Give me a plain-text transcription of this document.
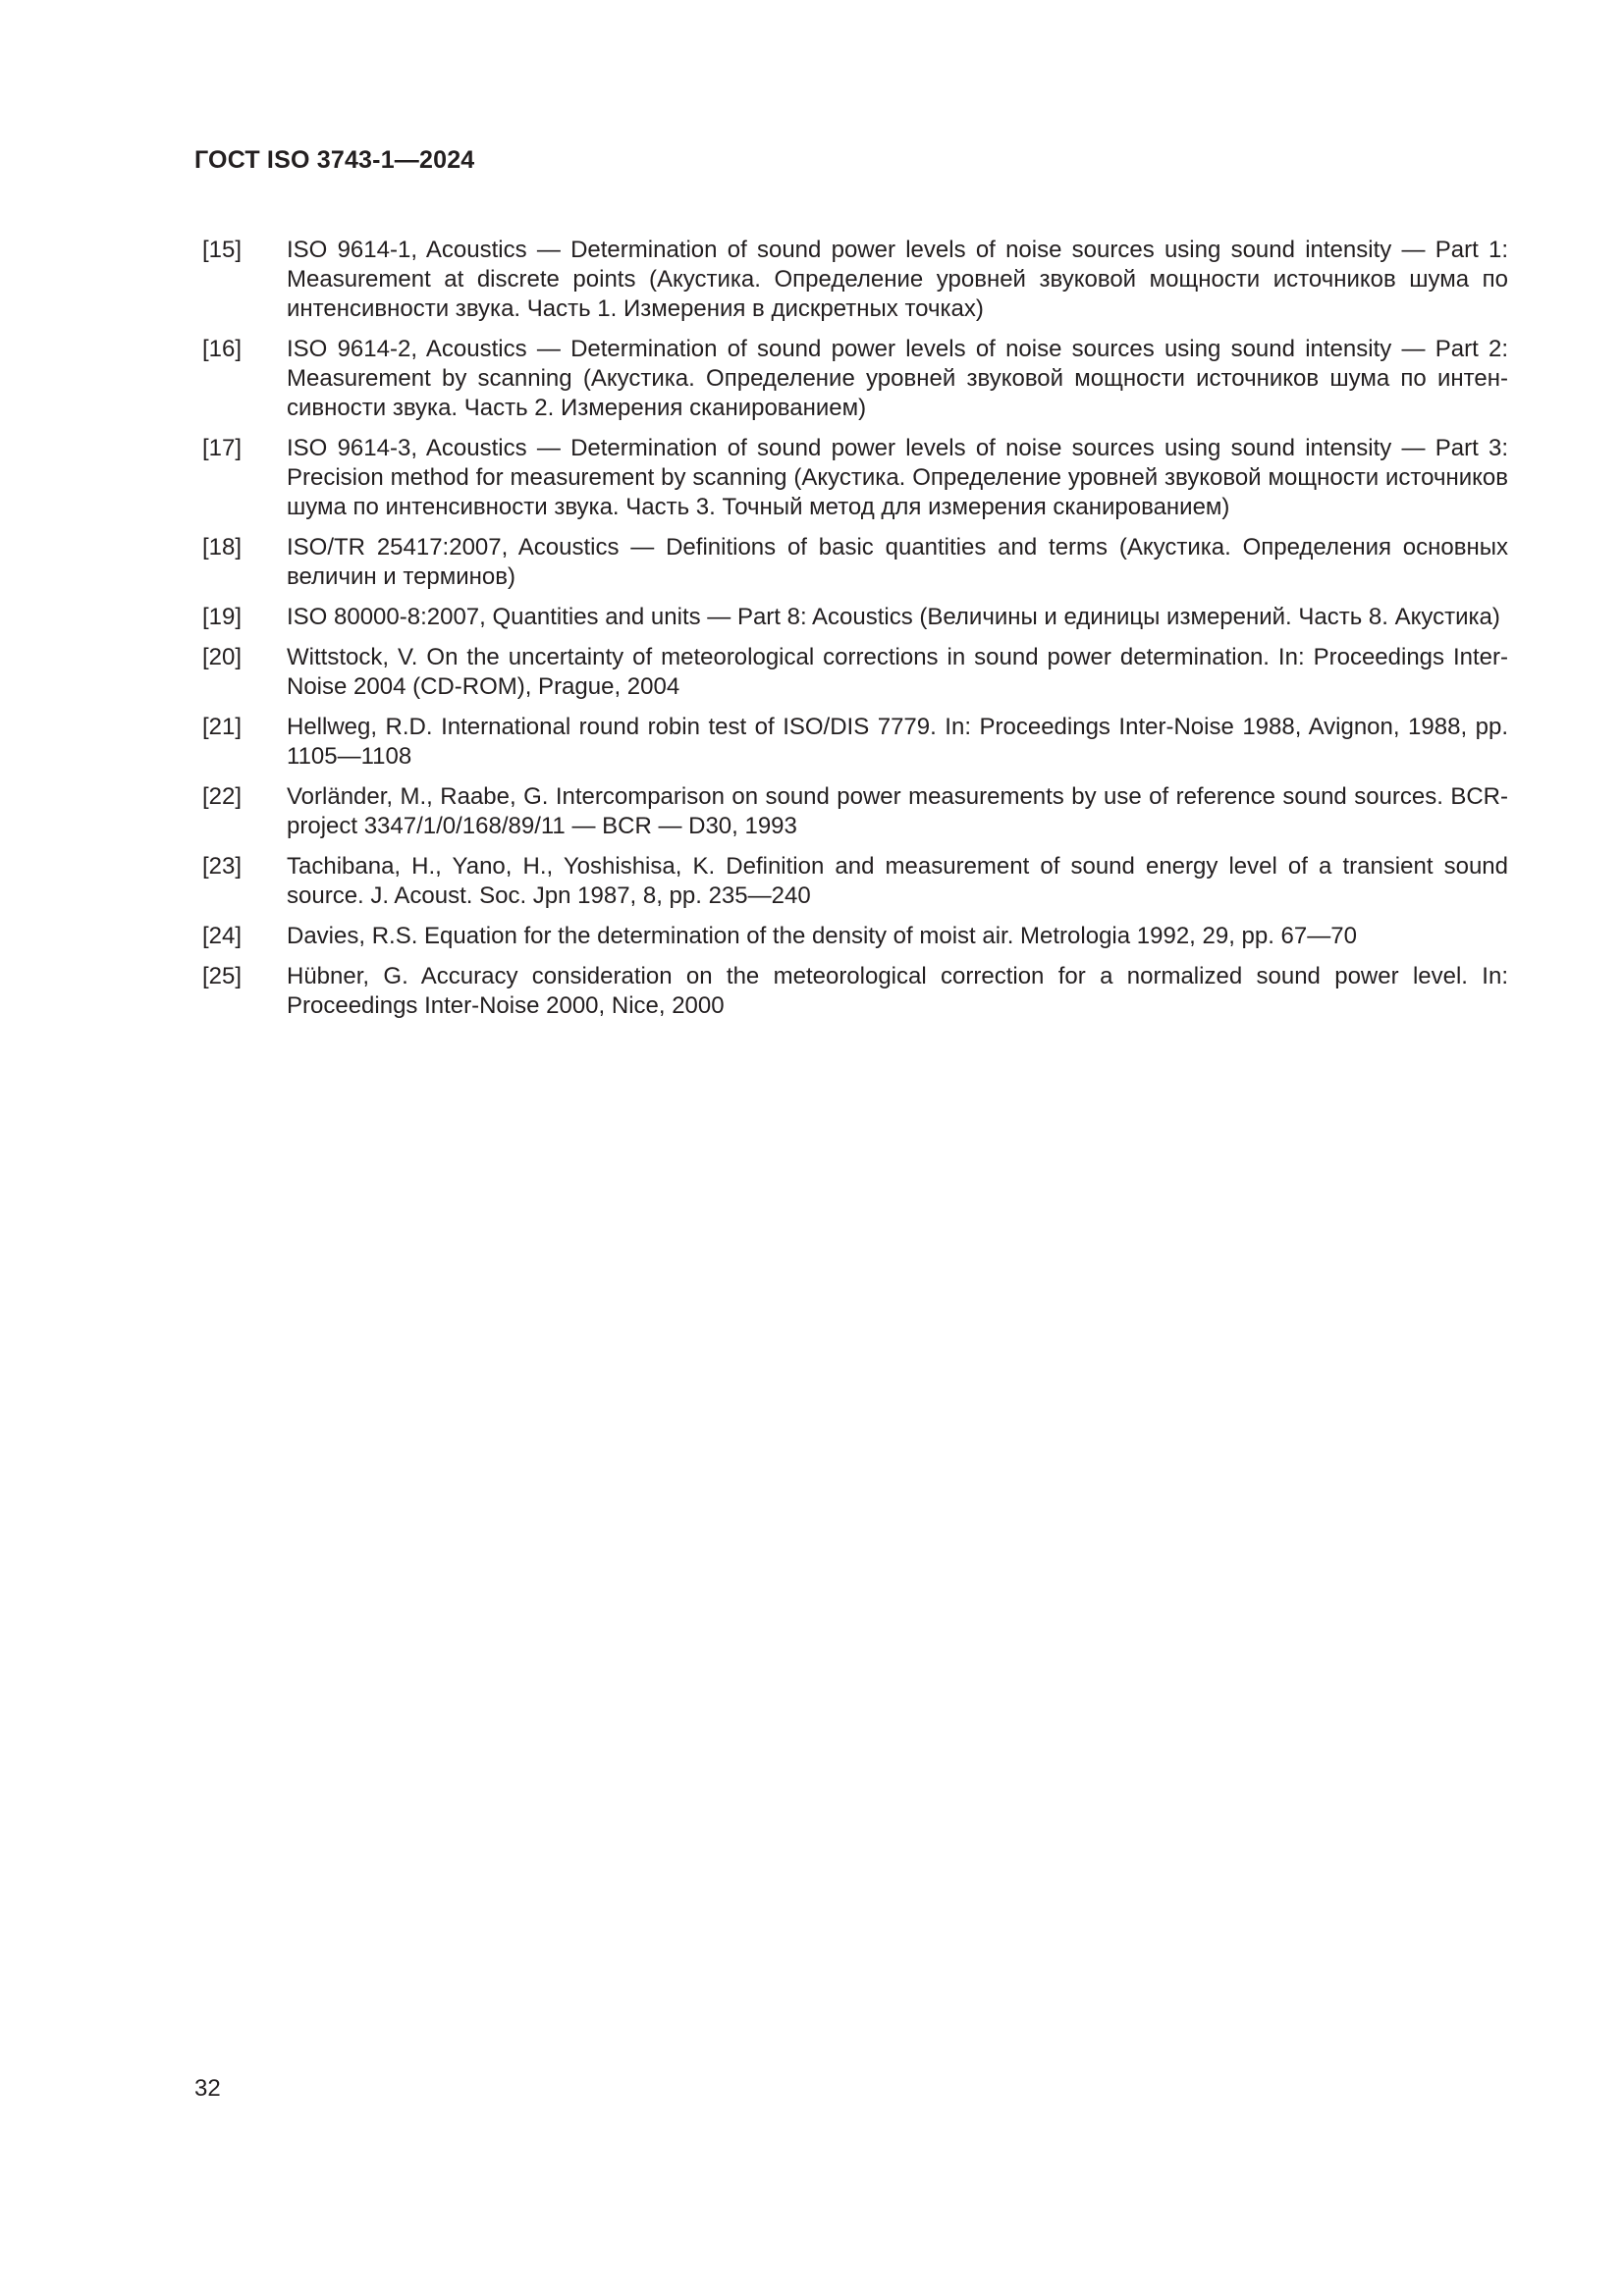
ГОСТ ISO 3743-1—2024
[15]	ISO 9614-1, Acoustics — Determination of sound power levels of noise sources using sound intensity — Part 1: Measurement at discrete points (Акустика. Определение уровней звуковой мощности источников шума по интенсивности звука. Часть 1. Измерения в дискретных точках)
[16]	ISO 9614-2, Acoustics — Determination of sound power levels of noise sources using sound intensity — Part 2: Measurement by scanning (Акустика. Определение уровней звуковой мощности источников шума по интенсивности звука. Часть 2. Измерения сканированием)
[17]	ISO 9614-3, Acoustics — Determination of sound power levels of noise sources using sound intensity — Part 3: Precision method for measurement by scanning (Акустика. Определение уровней звуковой мощности источников шума по интенсивности звука. Часть 3. Точный метод для измерения сканированием)
[18]	ISO/TR 25417:2007, Acoustics — Definitions of basic quantities and terms (Акустика. Определения основных величин и терминов)
[19]	ISO 80000-8:2007, Quantities and units — Part 8: Acoustics (Величины и единицы измерений. Часть 8. Акустика)
[20]	Wittstock, V. On the uncertainty of meteorological corrections in sound power determination. In: Proceedings Inter-Noise 2004 (CD-ROM), Prague, 2004
[21]	Hellweg, R.D. International round robin test of ISO/DIS 7779. In: Proceedings Inter-Noise 1988, Avignon, 1988, pp. 1105—1108
[22]	Vorländer, M., Raabe, G. Intercomparison on sound power measurements by use of reference sound sources. BCR-project 3347/1/0/168/89/11 — BCR — D30, 1993
[23]	Tachibana, H., Yano, H., Yoshishisa, K. Definition and measurement of sound energy level of a transient sound source. J. Acoust. Soc. Jpn 1987, 8, pp. 235—240
[24]	Davies, R.S. Equation for the determination of the density of moist air. Metrologia 1992, 29, pp. 67—70
[25]	Hübner, G. Accuracy consideration on the meteorological correction for a normalized sound power level. In: Proceedings Inter-Noise 2000, Nice, 2000
32
